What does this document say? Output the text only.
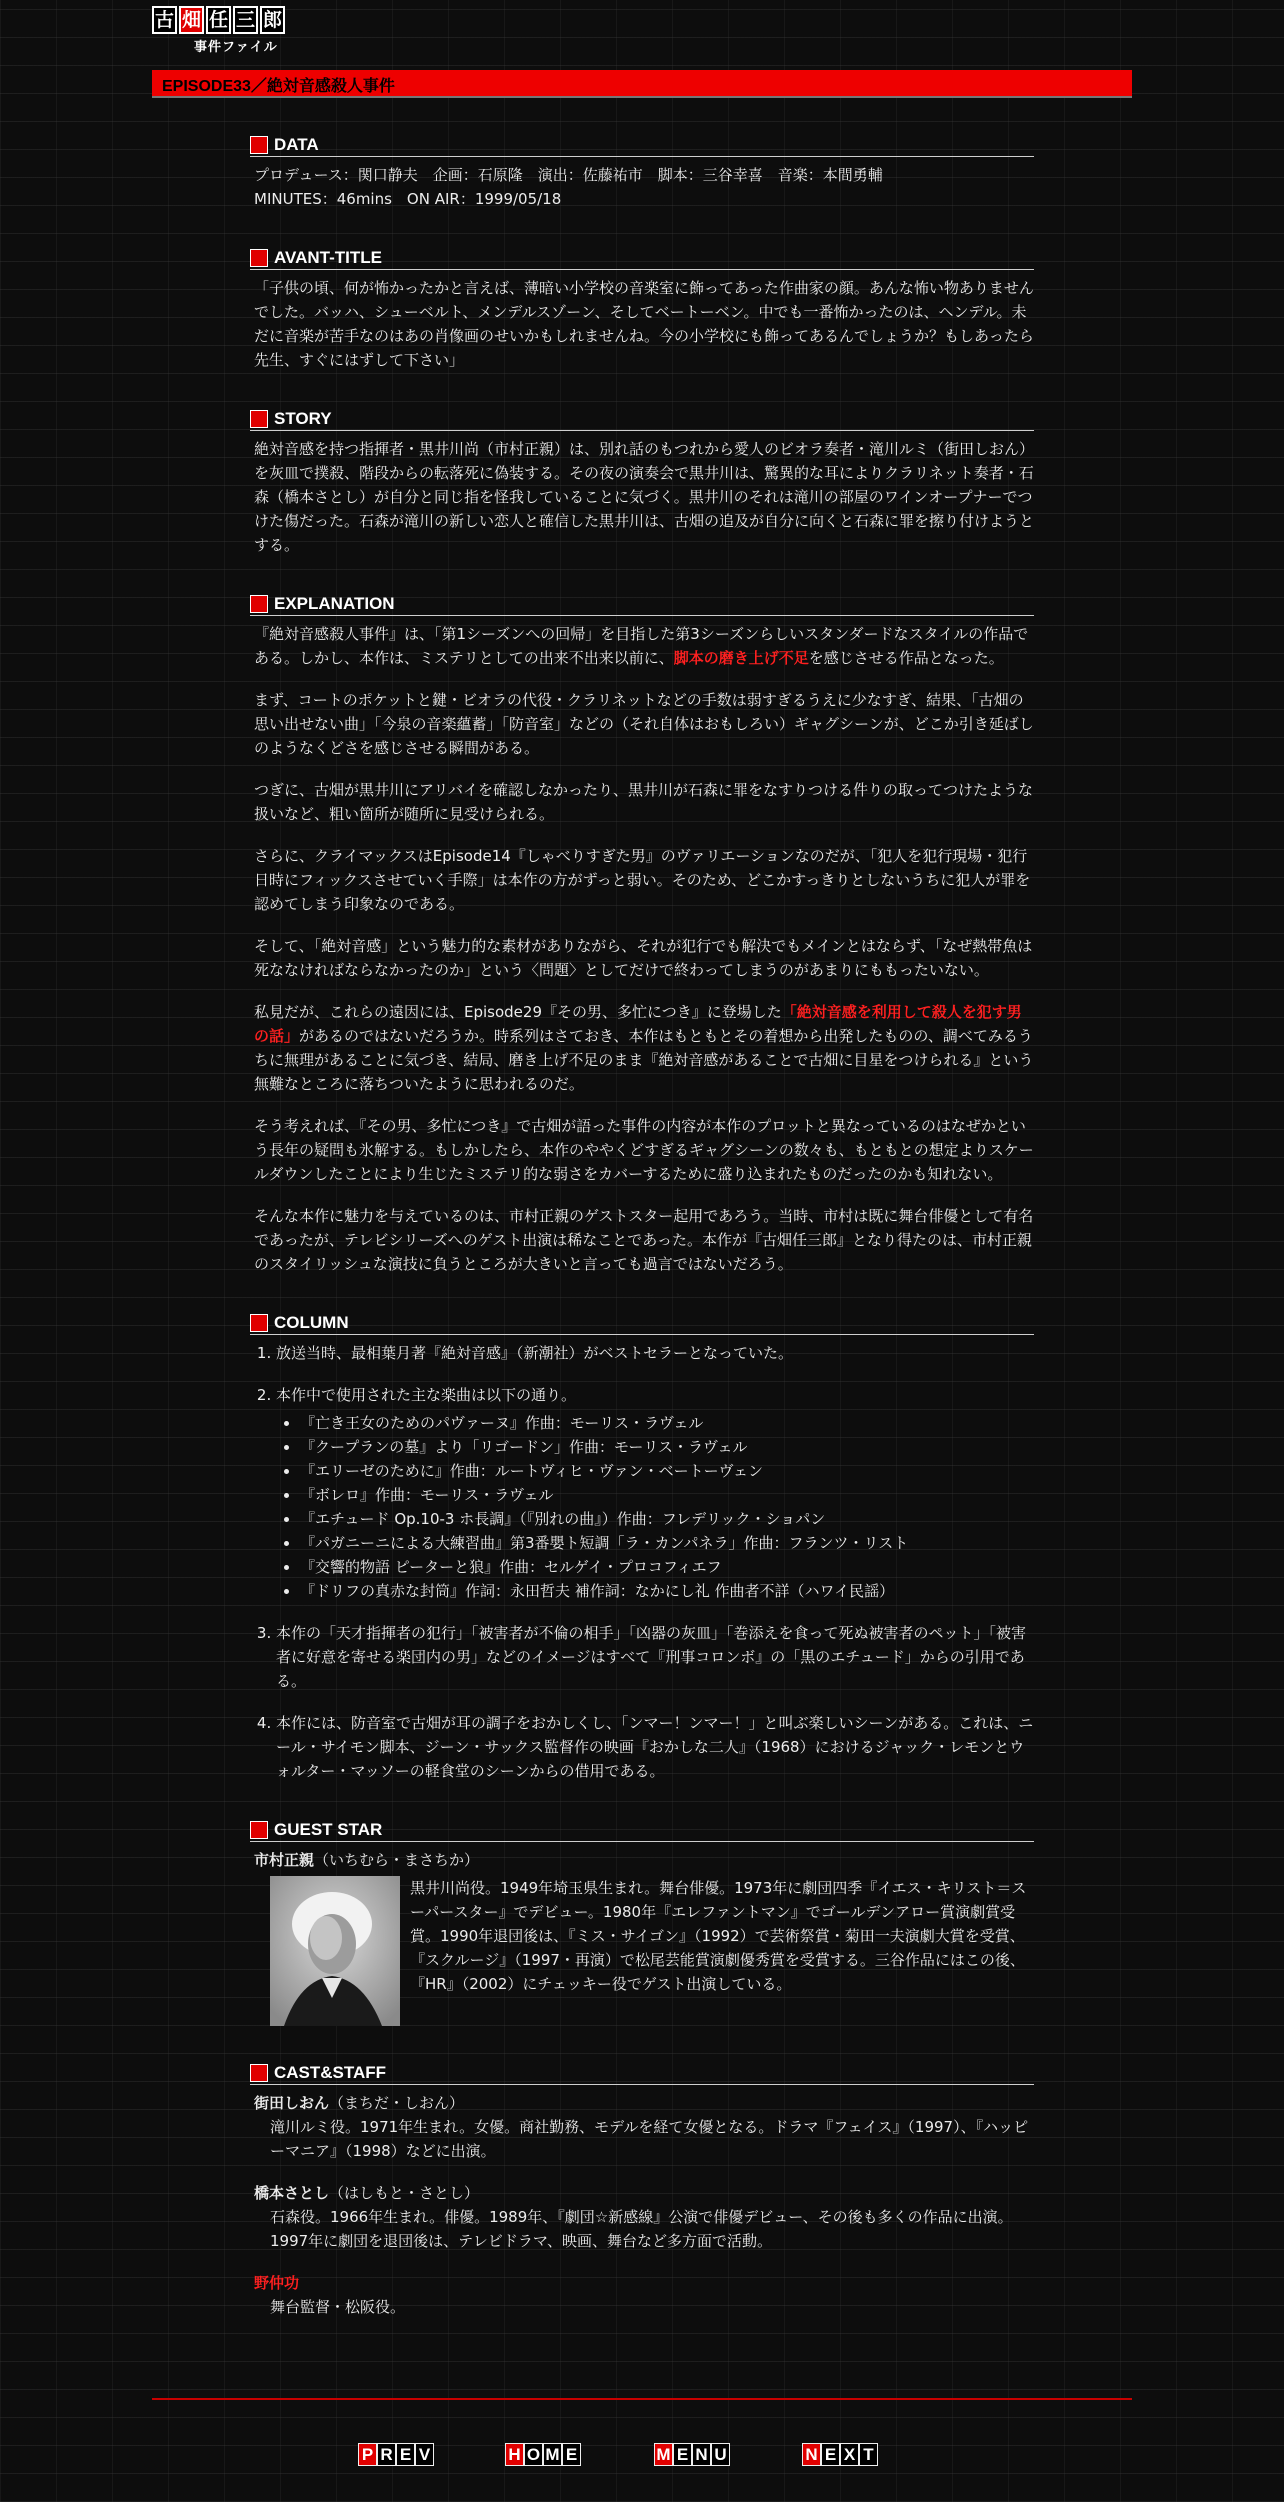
古 畑 任 三 郎
事件ファイル
EPISODE33／絶対音感殺人事件
DATA
プロデュース：関口静夫　企画：石原隆　演出：佐藤祐市　脚本：三谷幸喜　音楽：本間勇輔
MINUTES：46mins　ON AIR：1999/05/18
AVANT-TITLE
「子供の頃、何が怖かったかと言えば、薄暗い小学校の音楽室に飾ってあった作曲家の顔。あんな怖い物ありませんでした。バッハ、シューベルト、メンデルスゾーン、そしてベートーベン。中でも一番怖かったのは、ヘンデル。未だに音楽が苦手なのはあの肖像画のせいかもしれませんね。今の小学校にも飾ってあるんでしょうか？もしあったら先生、すぐにはずして下さい」
STORY
絶対音感を持つ指揮者・黒井川尚（市村正親）は、別れ話のもつれから愛人のビオラ奏者・滝川ルミ（街田しおん）を灰皿で撲殺、階段からの転落死に偽装する。その夜の演奏会で黒井川は、驚異的な耳によりクラリネット奏者・石森（橋本さとし）が自分と同じ指を怪我していることに気づく。黒井川のそれは滝川の部屋のワインオープナーでつけた傷だった。石森が滝川の新しい恋人と確信した黒井川は、古畑の追及が自分に向くと石森に罪を擦り付けようとする。
EXPLANATION

『絶対音感殺人事件』は、「第1シーズンへの回帰」を目指した第3シーズンらしいスタンダードなスタイルの作品である。しかし、本作は、ミステリとしての出来不出来以前に、脚本の磨き上げ不足を感じさせる作品となった。

まず、コートのポケットと鍵・ビオラの代役・クラリネットなどの手数は弱すぎるうえに少なすぎ、結果、「古畑の思い出せない曲」「今泉の音楽蘊蓄」「防音室」などの（それ自体はおもしろい）ギャグシーンが、どこか引き延ばしのようなくどさを感じさせる瞬間がある。

つぎに、古畑が黒井川にアリバイを確認しなかったり、黒井川が石森に罪をなすりつける件りの取ってつけたような扱いなど、粗い箇所が随所に見受けられる。

さらに、クライマックスはEpisode14『しゃべりすぎた男』のヴァリエーションなのだが、「犯人を犯行現場・犯行日時にフィックスさせていく手際」は本作の方がずっと弱い。そのため、どこかすっきりとしないうちに犯人が罪を認めてしまう印象なのである。

そして、「絶対音感」という魅力的な素材がありながら、それが犯行でも解決でもメインとはならず、「なぜ熱帯魚は死ななければならなかったのか」という〈問題〉としてだけで終わってしまうのがあまりにももったいない。

私見だが、これらの遠因には、Episode29『その男、多忙につき』に登場した「絶対音感を利用して殺人を犯す男の話」があるのではないだろうか。時系列はさておき、本作はもともとその着想から出発したものの、調べてみるうちに無理があることに気づき、結局、磨き上げ不足のまま『絶対音感があることで古畑に目星をつけられる』という無難なところに落ちついたように思われるのだ。

そう考えれば、『その男、多忙につき』で古畑が語った事件の内容が本作のプロットと異なっているのはなぜかという長年の疑問も氷解する。もしかしたら、本作のややくどすぎるギャグシーンの数々も、もともとの想定よりスケールダウンしたことにより生じたミステリ的な弱さをカバーするために盛り込まれたものだったのかも知れない。

そんな本作に魅力を与えているのは、市村正親のゲストスター起用であろう。当時、市村は既に舞台俳優として有名であったが、テレビシリーズへのゲスト出演は稀なことであった。本作が『古畑任三郎』となり得たのは、市村正親のスタイリッシュな演技に負うところが大きいと言っても過言ではないだろう。

COLUMN
1. 放送当時、最相葉月著『絶対音感』（新潮社）がベストセラーとなっていた。
2. 本作中で使用された主な楽曲は以下の通り。
• 『亡き王女のためのパヴァーヌ』作曲：モーリス・ラヴェル
• 『クープランの墓』より「リゴードン」作曲：モーリス・ラヴェル
• 『エリーゼのために』作曲：ルートヴィヒ・ヴァン・ベートーヴェン
• 『ボレロ』作曲：モーリス・ラヴェル
• 『エチュード Op.10-3 ホ長調』（『別れの曲』）作曲：フレデリック・ショパン
• 『パガニーニによる大練習曲』第3番嬰ト短調「ラ・カンパネラ」作曲：フランツ・リスト
• 『交響的物語 ピーターと狼』作曲：セルゲイ・プロコフィエフ
• 『ドリフの真赤な封筒』作詞：永田哲夫 補作詞：なかにし礼 作曲者不詳（ハワイ民謡）
3. 本作の「天才指揮者の犯行」「被害者が不倫の相手」「凶器の灰皿」「巻添えを食って死ぬ被害者のペット」「被害者に好意を寄せる楽団内の男」などのイメージはすべて『刑事コロンボ』の「黒のエチュード」からの引用である。
4. 本作には、防音室で古畑が耳の調子をおかしくし、「ンマー！ンマー！」と叫ぶ楽しいシーンがある。これは、ニール・サイモン脚本、ジーン・サックス監督作の映画『おかしな二人』（1968）におけるジャック・レモンとウォルター・マッソーの軽食堂のシーンからの借用である。
GUEST STAR
市村正親（いちむら・まさちか）
黒井川尚役。1949年埼玉県生まれ。舞台俳優。1973年に劇団四季『イエス・キリスト＝スーパースター』でデビュー。1980年『エレファントマン』でゴールデンアロー賞演劇賞受賞。1990年退団後は、『ミス・サイゴン』（1992）で芸術祭賞・菊田一夫演劇大賞を受賞、『スクルージ』（1997・再演）で松尾芸能賞演劇優秀賞を受賞する。三谷作品にはこの後、『HR』（2002）にチェッキー役でゲスト出演している。
CAST&STAFF
街田しおん（まちだ・しおん）
滝川ルミ役。1971年生まれ。女優。商社勤務、モデルを経て女優となる。ドラマ『フェイス』（1997）、『ハッピーマニア』（1998）などに出演。
橋本さとし（はしもと・さとし）
石森役。1966年生まれ。俳優。1989年、『劇団☆新感線』公演で俳優デビュー、その後も多くの作品に出演。1997年に劇団を退団後は、テレビドラマ、映画、舞台など多方面で活動。
野仲功
舞台監督・松阪役。
P R E V	H O M E	M E N U	N E X T
